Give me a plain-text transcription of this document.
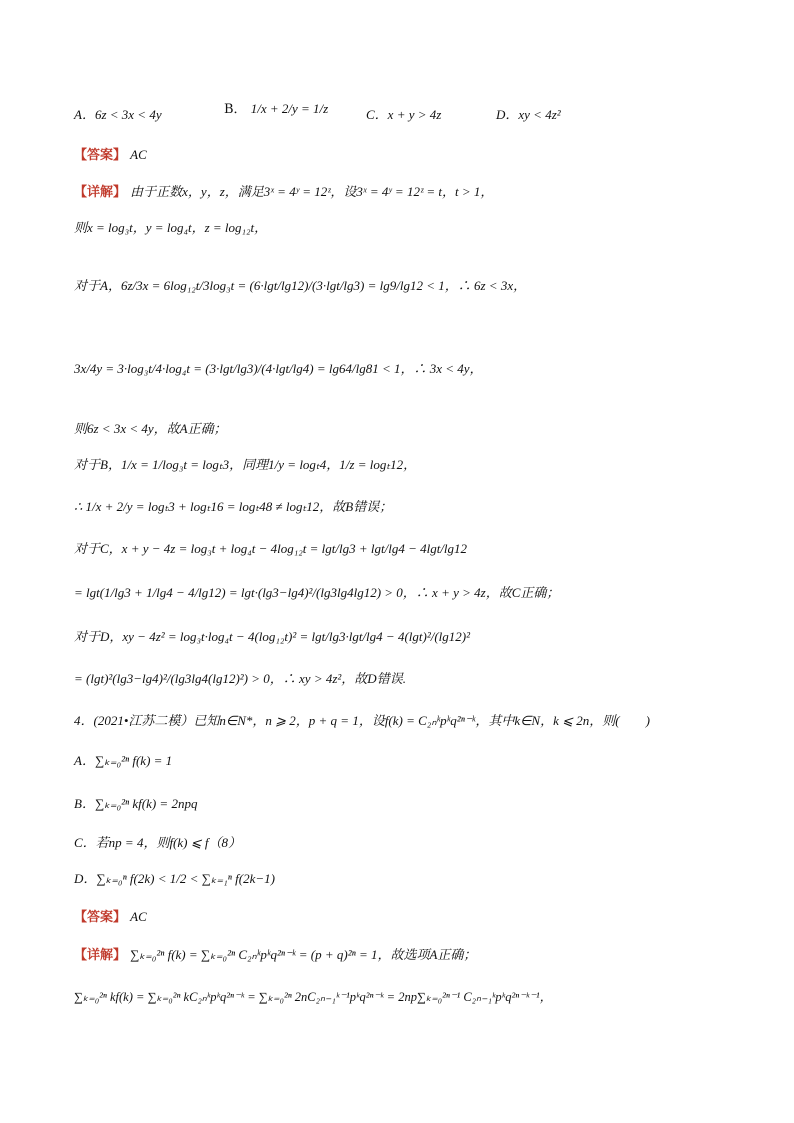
A．6z < 3x < 4y	B． 1/x + 2/y = 1/z	C．x + y > 4z	D．xy < 4z²
【答案】 AC
【详解】 由于正数x，y，z，满足3ˣ = 4ʸ = 12ᶻ，设3ˣ = 4ʸ = 12ᶻ = t，t > 1，
则x = log₃t，y = log₄t，z = log₁₂t，
对于A，6z/3x = 6log₁₂t/3log₃t = (6·lgt/lg12)/(3·lgt/lg3) = lg9/lg12 < 1，∴ 6z < 3x，
3x/4y = 3·log₃t/4·log₄t = (3·lgt/lg3)/(4·lgt/lg4) = lg64/lg81 < 1，∴ 3x < 4y，
则6z < 3x < 4y，故A正确；
对于B，1/x = 1/log₃t = logₜ3，同理1/y = logₜ4，1/z = logₜ12，
∴ 1/x + 2/y = logₜ3 + logₜ16 = logₜ48 ≠ logₜ12，故B错误；
对于C，x + y − 4z = log₃t + log₄t − 4log₁₂t = lgt/lg3 + lgt/lg4 − 4lgt/lg12
= lgt(1/lg3 + 1/lg4 − 4/lg12) = lgt·(lg3−lg4)²/(lg3lg4lg12) > 0，∴ x + y > 4z，故C正确；
对于D，xy − 4z² = log₃t·log₄t − 4(log₁₂t)² = lgt/lg3·lgt/lg4 − 4(lgt)²/(lg12)²
= (lgt)²(lg3−lg4)²/(lg3lg4(lg12)²) > 0，∴ xy > 4z²，故D错误.
4．(2021•江苏二模）已知n∈N*，n ⩾ 2，p + q = 1，设f(k) = C₂ₙᵏpᵏq²ⁿ⁻ᵏ，其中k∈N，k ⩽ 2n，则(　　)
A．∑ₖ₌₀²ⁿ f(k) = 1
B．∑ₖ₌₀²ⁿ kf(k) = 2npq
C．若np = 4，则f(k) ⩽ f（8）
D．∑ₖ₌₀ⁿ f(2k) < 1/2 < ∑ₖ₌₁ⁿ f(2k−1)
【答案】 AC
【详解】 ∑ₖ₌₀²ⁿ f(k) = ∑ₖ₌₀²ⁿ C₂ₙᵏpᵏq²ⁿ⁻ᵏ = (p + q)²ⁿ = 1，故选项A正确；
∑ₖ₌₀²ⁿ kf(k) = ∑ₖ₌₀²ⁿ kC₂ₙᵏpᵏq²ⁿ⁻ᵏ = ∑ₖ₌₀²ⁿ 2nC₂ₙ₋₁ᵏ⁻¹pᵏq²ⁿ⁻ᵏ = 2np∑ₖ₌₀²ⁿ⁻¹ C₂ₙ₋₁ᵏpᵏq²ⁿ⁻ᵏ⁻¹，
